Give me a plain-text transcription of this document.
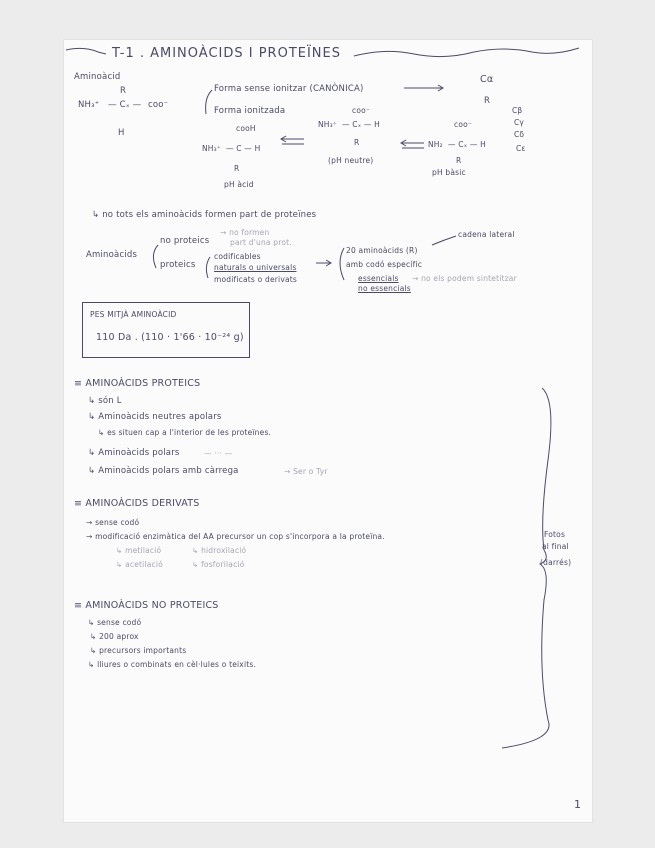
T-1 . AMINOÀCIDS I PROTEÏNES
Aminoàcid
R
NH₃⁺ — Cₓ — coo⁻
H
Forma sense ionitzar (CANÒNICA)
Forma ionitzada
Cα
R
Cβ
Cγ
Cδ
Cε
cooH
NH₃⁺ — C — H
R
pH àcid
coo⁻
NH₃⁺ — Cₓ — H
R
(pH neutre)
coo⁻
NH₂ — Cₓ — H
R
pH bàsic
↳ no tots els aminoàcids formen part de proteïnes
Aminoàcids
no proteics
→ no formen
part d'una prot.
proteics
codificables
naturals o universals
modificats o derivats
20 aminoàcids (R)
cadena lateral
amb codó específic
essencials
no essencials
→ no els podem sintetitzar
PES MITJÀ AMINOÀCID
110 Da . (110 · 1'66 · 10⁻²⁴ g)
≡ AMINOÀCIDS PROTEICS
↳ són L
↳ Aminoàcids neutres apolars
↳ es situen cap a l'interior de les proteïnes.
↳ Aminoàcids polars	— ··· —
↳ Aminoàcids polars amb càrrega	→ Ser o Tyr
≡ AMINOÀCIDS DERIVATS
→ sense codó
→ modificació enzimàtica del AA precursor un cop s'incorpora a la proteïna.
↳ metilació	↳ hidroxilació
↳ acetilació	↳ fosforilació
≡ AMINOÀCIDS NO PROTEICS
↳ sense codó
↳ 200 aprox
↳ precursors importants
↳ lliures o combinats en cèl·lules o teixits.
Fotos
al final
(darrés)
1
